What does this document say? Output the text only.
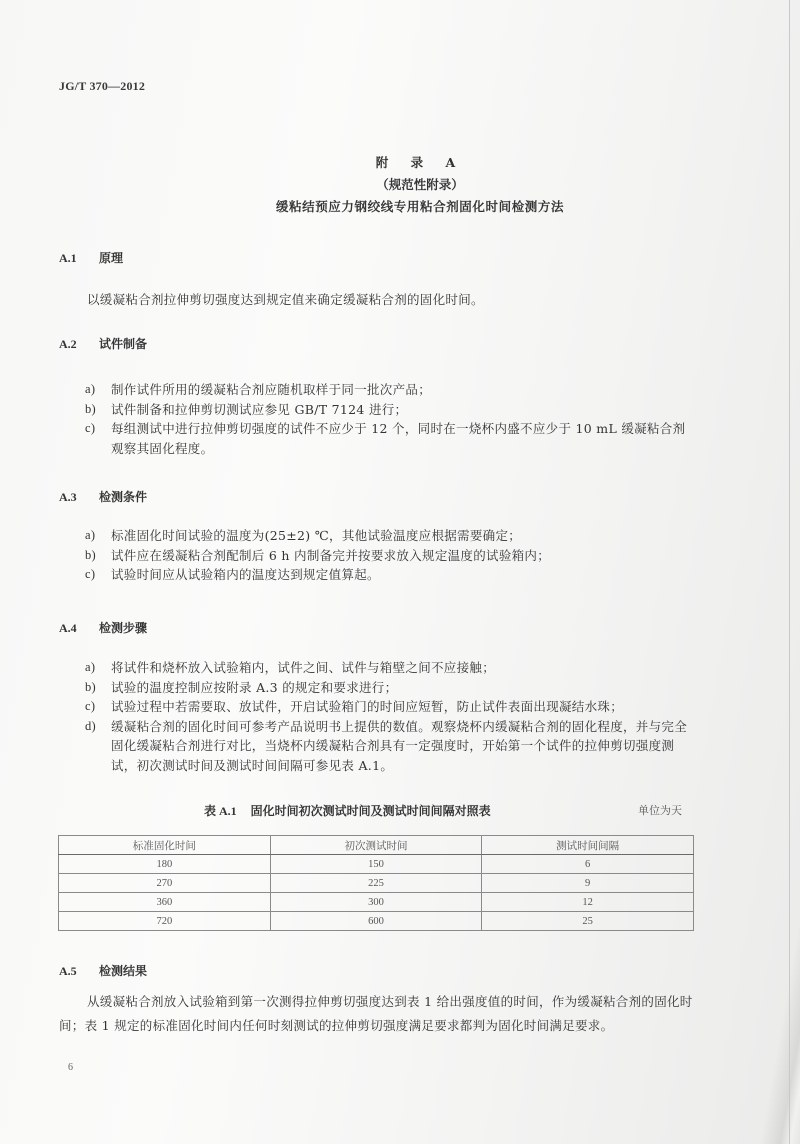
JG/T 370—2012
附 录 A
（规范性附录）
缓粘结预应力钢绞线专用粘合剂固化时间检测方法
A.1 原理
以缓凝粘合剂拉伸剪切强度达到规定值来确定缓凝粘合剂的固化时间。
A.2 试件制备
a)	制作试件所用的缓凝粘合剂应随机取样于同一批次产品；
b)	试件制备和拉伸剪切测试应参见 GB/T 7124 进行；
c)	每组测试中进行拉伸剪切强度的试件不应少于 12 个，同时在一烧杯内盛不应少于 10 mL 缓凝粘合剂观察其固化程度。
A.3 检测条件
a)	标准固化时间试验的温度为(25±2) ℃，其他试验温度应根据需要确定；
b)	试件应在缓凝粘合剂配制后 6 h 内制备完并按要求放入规定温度的试验箱内；
c)	试验时间应从试验箱内的温度达到规定值算起。
A.4 检测步骤
a)	将试件和烧杯放入试验箱内，试件之间、试件与箱壁之间不应接触；
b)	试验的温度控制应按附录 A.3 的规定和要求进行；
c)	试验过程中若需要取、放试件，开启试验箱门的时间应短暂，防止试件表面出现凝结水珠；
d)	缓凝粘合剂的固化时间可参考产品说明书上提供的数值。观察烧杯内缓凝粘合剂的固化程度，并与完全固化缓凝粘合剂进行对比，当烧杯内缓凝粘合剂具有一定强度时，开始第一个试件的拉伸剪切强度测试，初次测试时间及测试时间间隔可参见表 A.1。
表 A.1 固化时间初次测试时间及测试时间间隔对照表	单位为天
标准固化时间	初次测试时间	测试时间间隔
180	150	6
270	225	9
360	300	12
720	600	25
A.5 检测结果
从缓凝粘合剂放入试验箱到第一次测得拉伸剪切强度达到表 1 给出强度值的时间，作为缓凝粘合剂的固化时间；表 1 规定的标准固化时间内任何时刻测试的拉伸剪切强度满足要求都判为固化时间满足要求。
6
